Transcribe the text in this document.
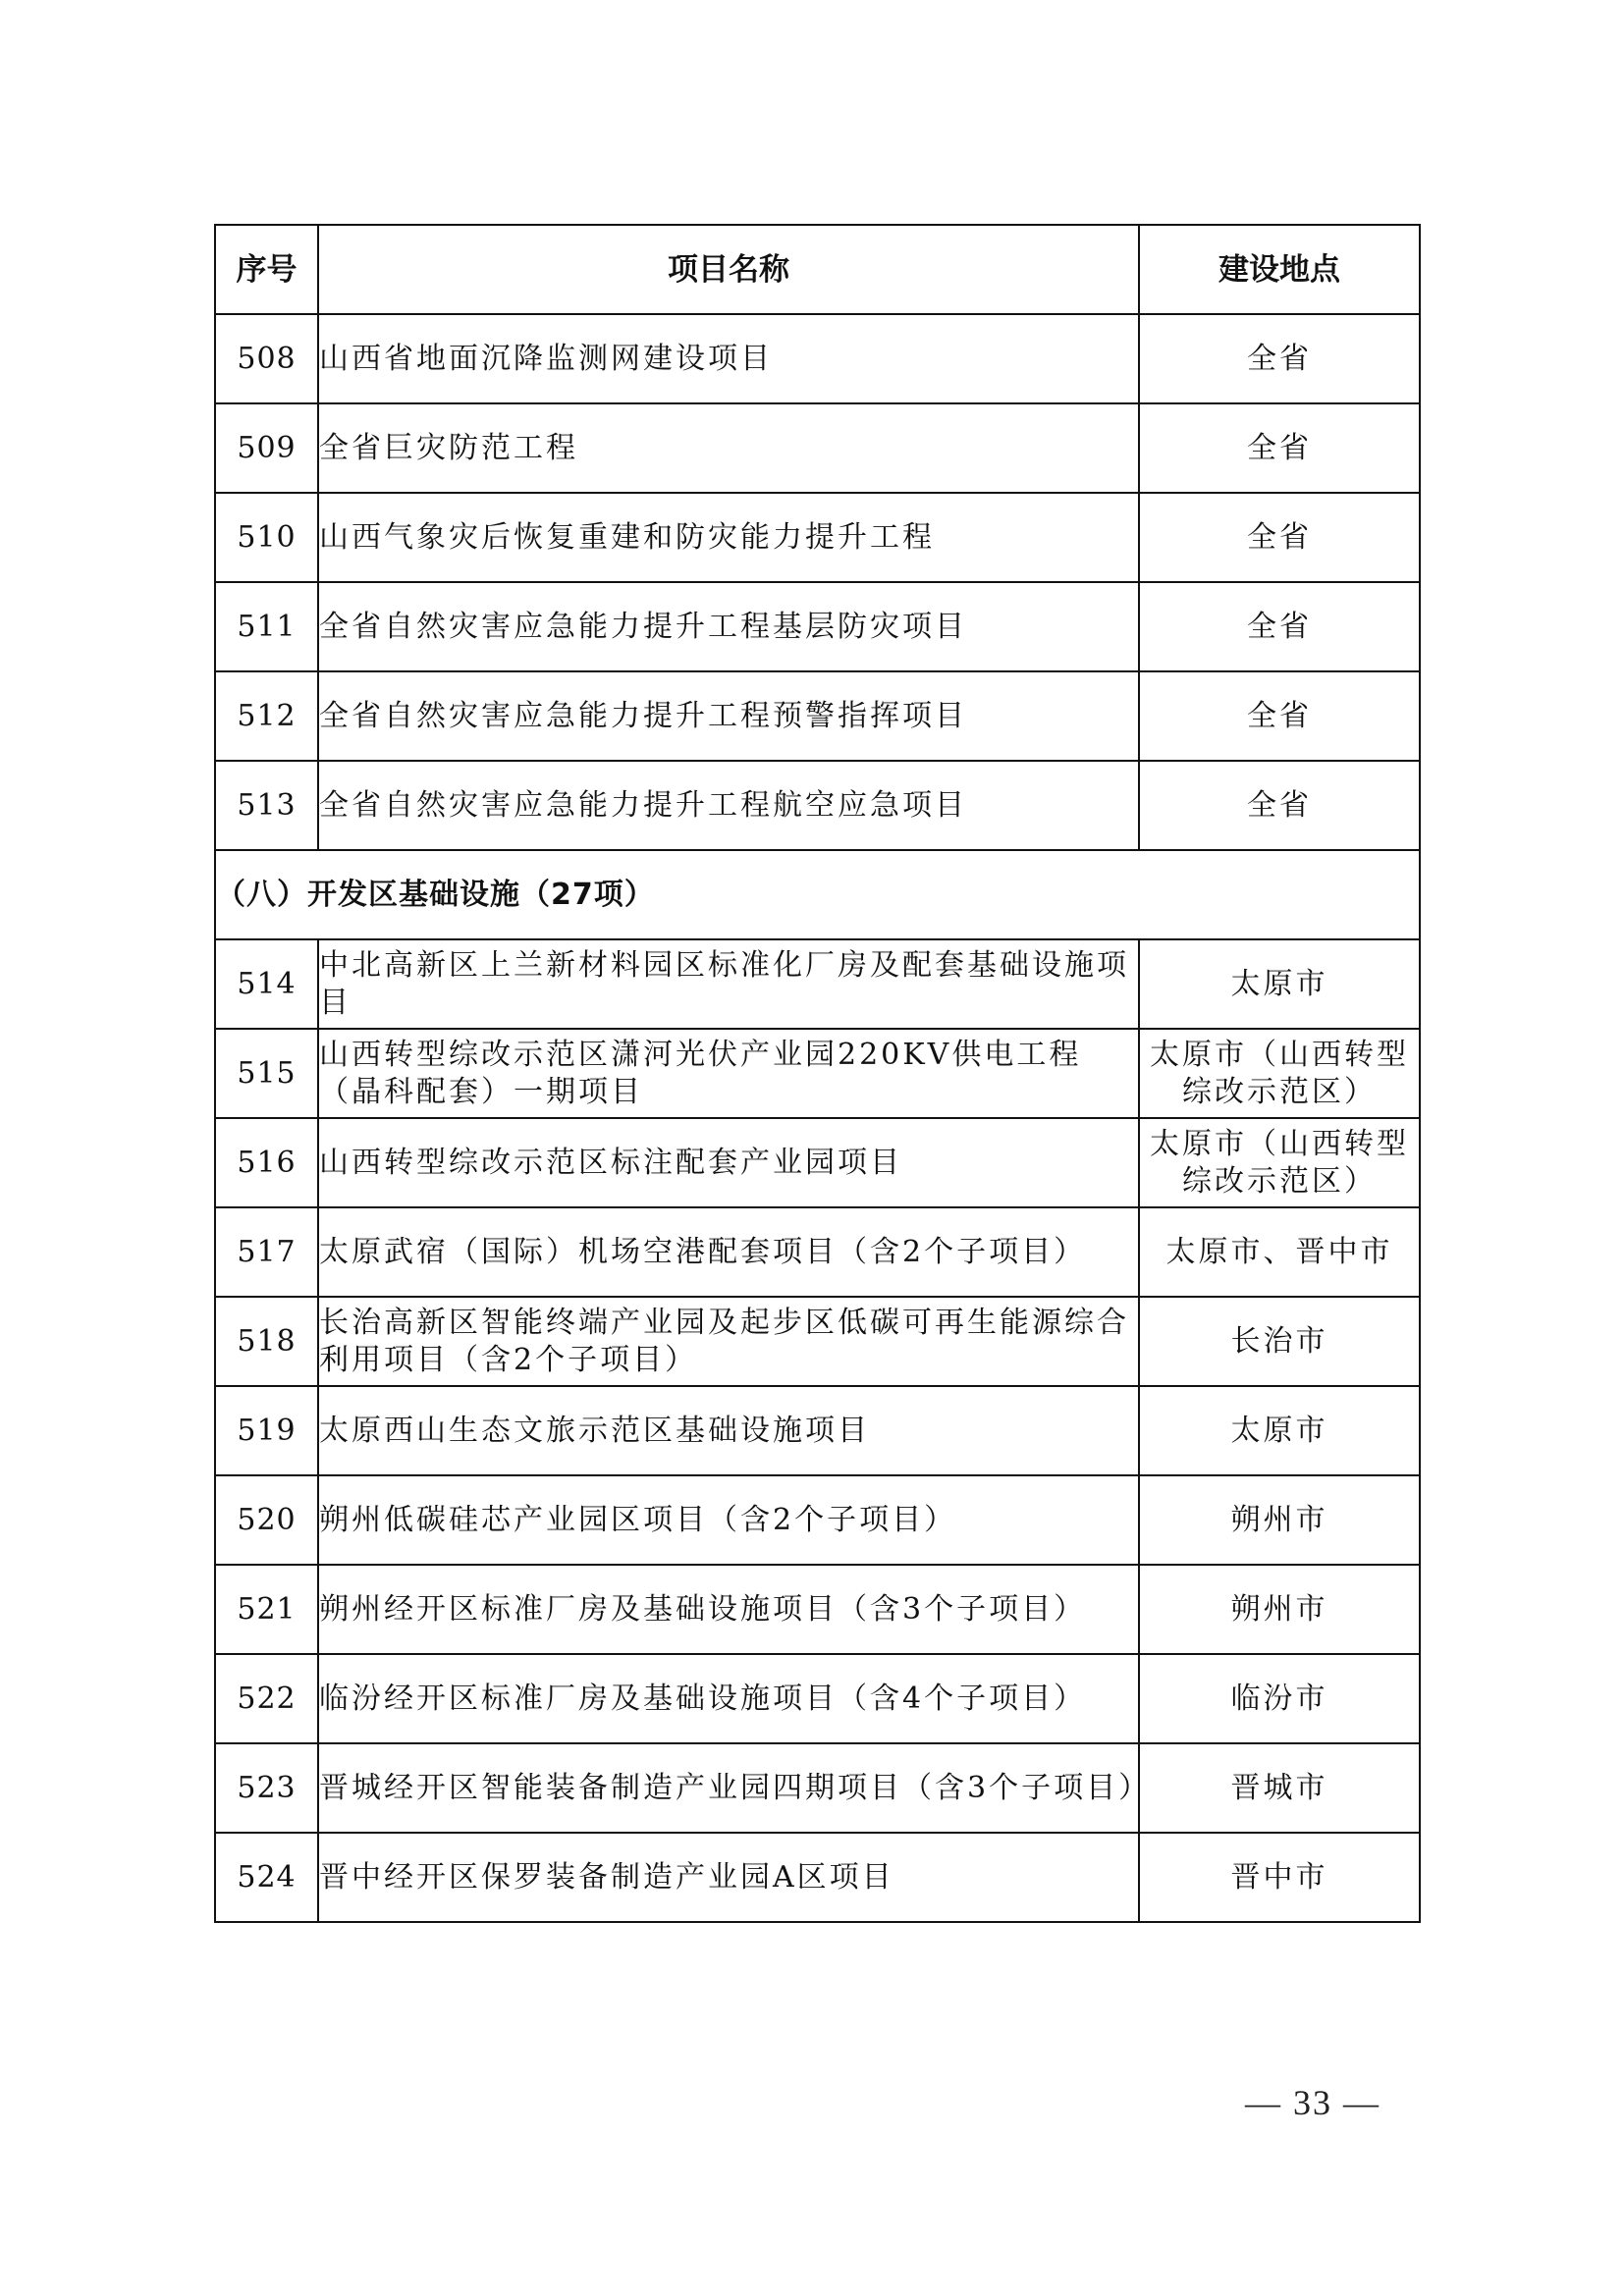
序号	项目名称	建设地点
508	山西省地面沉降监测网建设项目	全省
509	全省巨灾防范工程	全省
510	山西气象灾后恢复重建和防灾能力提升工程	全省
511	全省自然灾害应急能力提升工程基层防灾项目	全省
512	全省自然灾害应急能力提升工程预警指挥项目	全省
513	全省自然灾害应急能力提升工程航空应急项目	全省
（八）开发区基础设施（27项）		
514	中北高新区上兰新材料园区标准化厂房及配套基础设施项目	太原市
515	山西转型综改示范区潇河光伏产业园220KV供电工程（晶科配套）一期项目	太原市（山西转型综改示范区）
516	山西转型综改示范区标注配套产业园项目	太原市（山西转型综改示范区）
517	太原武宿（国际）机场空港配套项目（含2个子项目）	太原市、晋中市
518	长治高新区智能终端产业园及起步区低碳可再生能源综合利用项目（含2个子项目）	长治市
519	太原西山生态文旅示范区基础设施项目	太原市
520	朔州低碳硅芯产业园区项目（含2个子项目）	朔州市
521	朔州经开区标准厂房及基础设施项目（含3个子项目）	朔州市
522	临汾经开区标准厂房及基础设施项目（含4个子项目）	临汾市
523	晋城经开区智能装备制造产业园四期项目（含3个子项目）	晋城市
524	晋中经开区保罗装备制造产业园A区项目	晋中市
— 33 —
